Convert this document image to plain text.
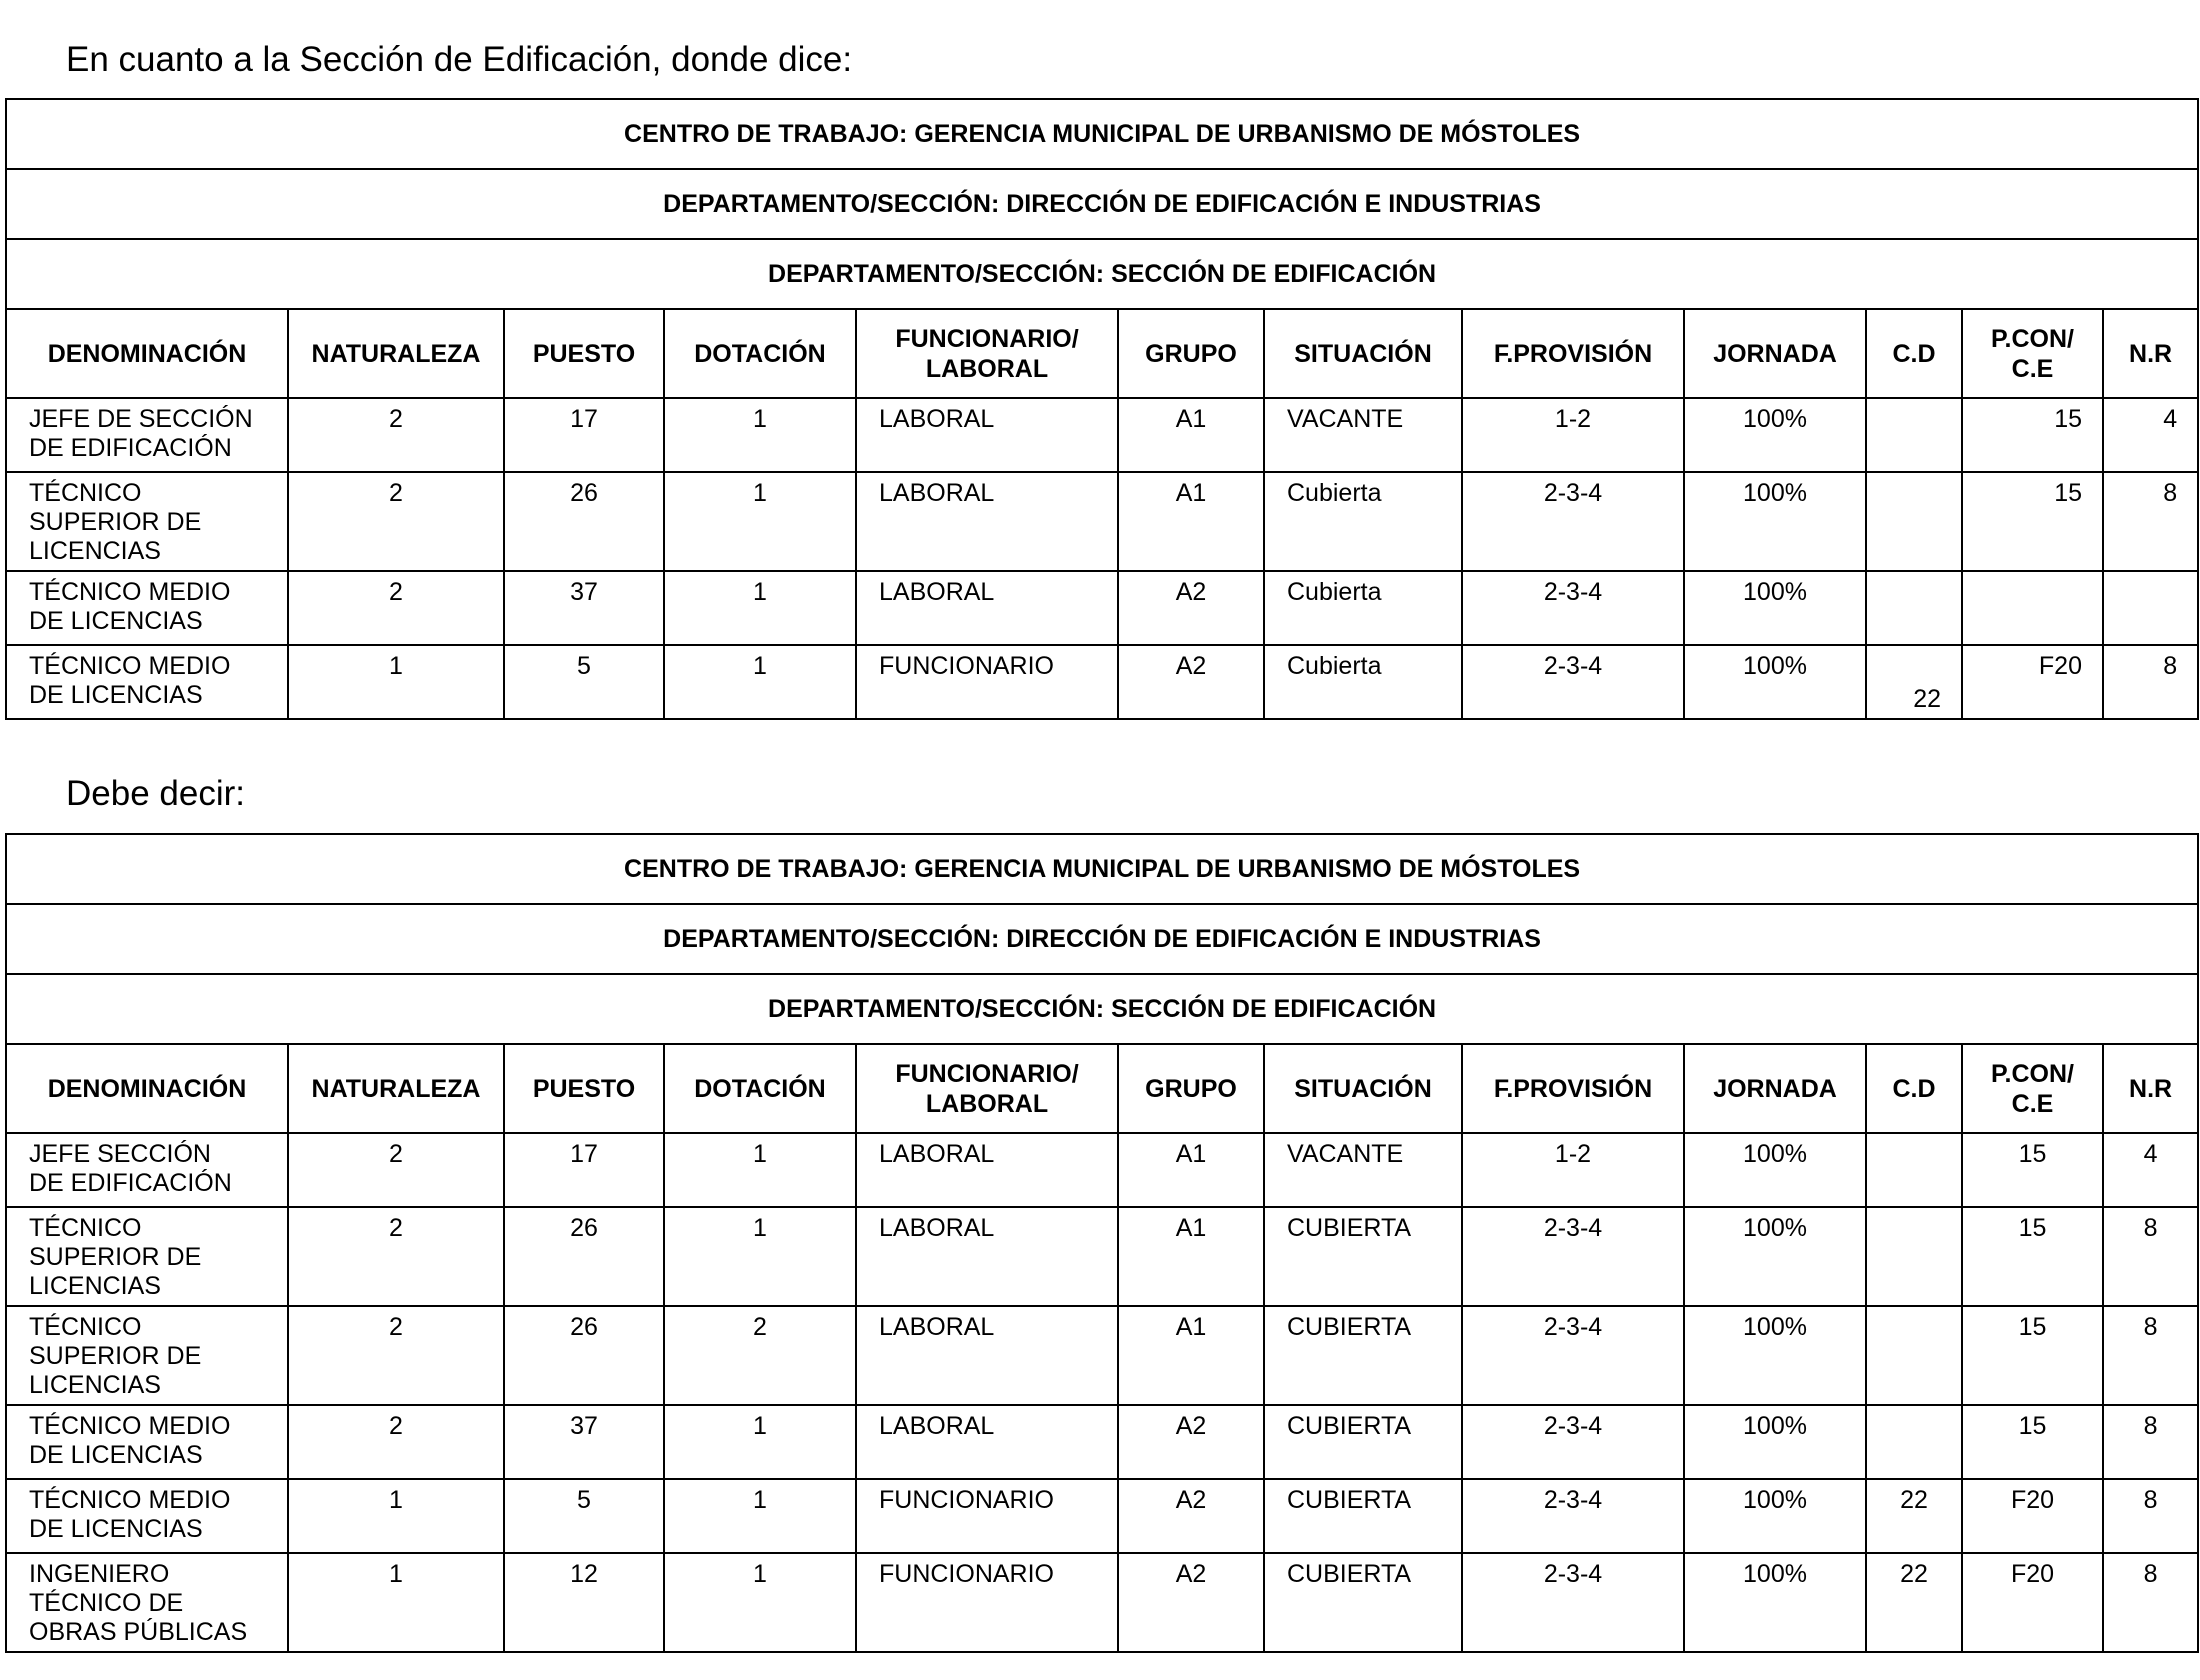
En cuanto a la Sección de Edificación, donde dice:
CENTRO DE TRABAJO: GERENCIA MUNICIPAL DE URBANISMO DE MÓSTOLES											
DEPARTAMENTO/SECCIÓN: DIRECCIÓN DE EDIFICACIÓN E INDUSTRIAS											
DEPARTAMENTO/SECCIÓN: SECCIÓN DE EDIFICACIÓN											
DENOMINACIÓN	NATURALEZA	PUESTO	DOTACIÓN	FUNCIONARIO/
LABORAL	GRUPO	SITUACIÓN	F.PROVISIÓN	JORNADA	C.D	P.CON/
C.E	N.R
JEFE DE SECCIÓN
DE EDIFICACIÓN	2	17	1	LABORAL	A1	VACANTE	1-2	100%		15	4
TÉCNICO
SUPERIOR DE
LICENCIAS	2	26	1	LABORAL	A1	Cubierta	2-3-4	100%		15	8
TÉCNICO MEDIO
DE LICENCIAS	2	37	1	LABORAL	A2	Cubierta	2-3-4	100%			
TÉCNICO MEDIO
DE LICENCIAS	1	5	1	FUNCIONARIO	A2	Cubierta	2-3-4	100%	22	F20	8
Debe decir:
CENTRO DE TRABAJO: GERENCIA MUNICIPAL DE URBANISMO DE MÓSTOLES											
DEPARTAMENTO/SECCIÓN: DIRECCIÓN DE EDIFICACIÓN E INDUSTRIAS											
DEPARTAMENTO/SECCIÓN: SECCIÓN DE EDIFICACIÓN											
DENOMINACIÓN	NATURALEZA	PUESTO	DOTACIÓN	FUNCIONARIO/
LABORAL	GRUPO	SITUACIÓN	F.PROVISIÓN	JORNADA	C.D	P.CON/
C.E	N.R
JEFE SECCIÓN
DE EDIFICACIÓN	2	17	1	LABORAL	A1	VACANTE	1-2	100%		15	4
TÉCNICO
SUPERIOR DE
LICENCIAS	2	26	1	LABORAL	A1	CUBIERTA	2-3-4	100%		15	8
TÉCNICO
SUPERIOR DE
LICENCIAS	2	26	2	LABORAL	A1	CUBIERTA	2-3-4	100%		15	8
TÉCNICO MEDIO
DE LICENCIAS	2	37	1	LABORAL	A2	CUBIERTA	2-3-4	100%		15	8
TÉCNICO MEDIO
DE LICENCIAS	1	5	1	FUNCIONARIO	A2	CUBIERTA	2-3-4	100%	22	F20	8
INGENIERO
TÉCNICO DE
OBRAS PÚBLICAS	1	12	1	FUNCIONARIO	A2	CUBIERTA	2-3-4	100%	22	F20	8
